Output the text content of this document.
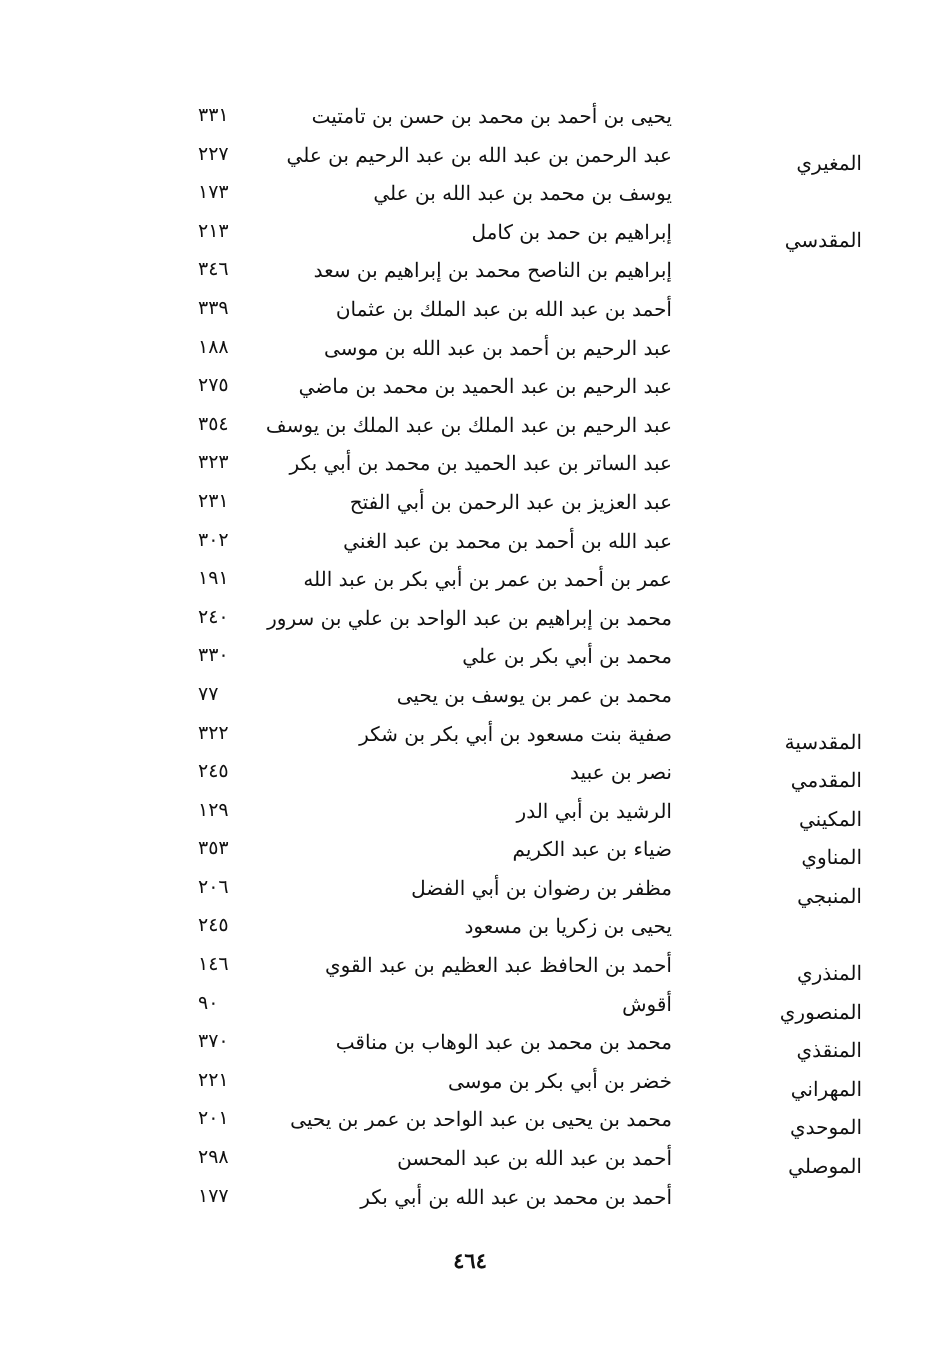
يحيى بن أحمد بن محمد بن حسن بن تامتيت
٣٣١
المغيري
عبد الرحمن بن عبد الله بن عبد الرحيم بن علي
٢٢٧
يوسف بن محمد بن عبد الله بن علي
١٧٣
المقدسي
إبراهيم بن حمد بن كامل
٢١٣
إبراهيم بن الناصح محمد بن إبراهيم بن سعد
٣٤٦
أحمد بن عبد الله بن عبد الملك بن عثمان
٣٣٩
عبد الرحيم بن أحمد بن عبد الله بن موسى
١٨٨
عبد الرحيم بن عبد الحميد بن محمد بن ماضي
٢٧٥
عبد الرحيم بن عبد الملك بن عبد الملك بن يوسف
٣٥٤
عبد الساتر بن عبد الحميد بن محمد بن أبي بكر
٣٢٣
عبد العزيز بن عبد الرحمن بن أبي الفتح
٢٣١
عبد الله بن أحمد بن محمد بن عبد الغني
٣٠٢
عمر بن أحمد بن عمر بن أبي بكر بن عبد الله
١٩١
محمد بن إبراهيم بن عبد الواحد بن علي بن سرور
٢٤٠
محمد بن أبي بكر بن علي
٣٣٠
محمد بن عمر بن يوسف بن يحيى
٧٧
المقدسية
صفية بنت مسعود بن أبي بكر بن شكر
٣٢٢
المقدمي
نصر بن عبيد
٢٤٥
المكيني
الرشيد بن أبي الدر
١٢٩
المناوي
ضياء بن عبد الكريم
٣٥٣
المنبجي
مظفر بن رضوان بن أبي الفضل
٢٠٦
يحيى بن زكريا بن مسعود
٢٤٥
المنذري
أحمد بن الحافظ عبد العظيم بن عبد القوي
١٤٦
المنصوري
أقوش
٩٠
المنقذي
محمد بن محمد بن عبد الوهاب بن مناقب
٣٧٠
المهراني
خضر بن أبي بكر بن موسى
٢٢١
الموحدي
محمد بن يحيى بن عبد الواحد بن عمر بن يحيى
٢٠١
الموصلي
أحمد بن عبد الله بن عبد المحسن
٢٩٨
أحمد بن محمد بن عبد الله بن أبي بكر
١٧٧
٤٦٤
